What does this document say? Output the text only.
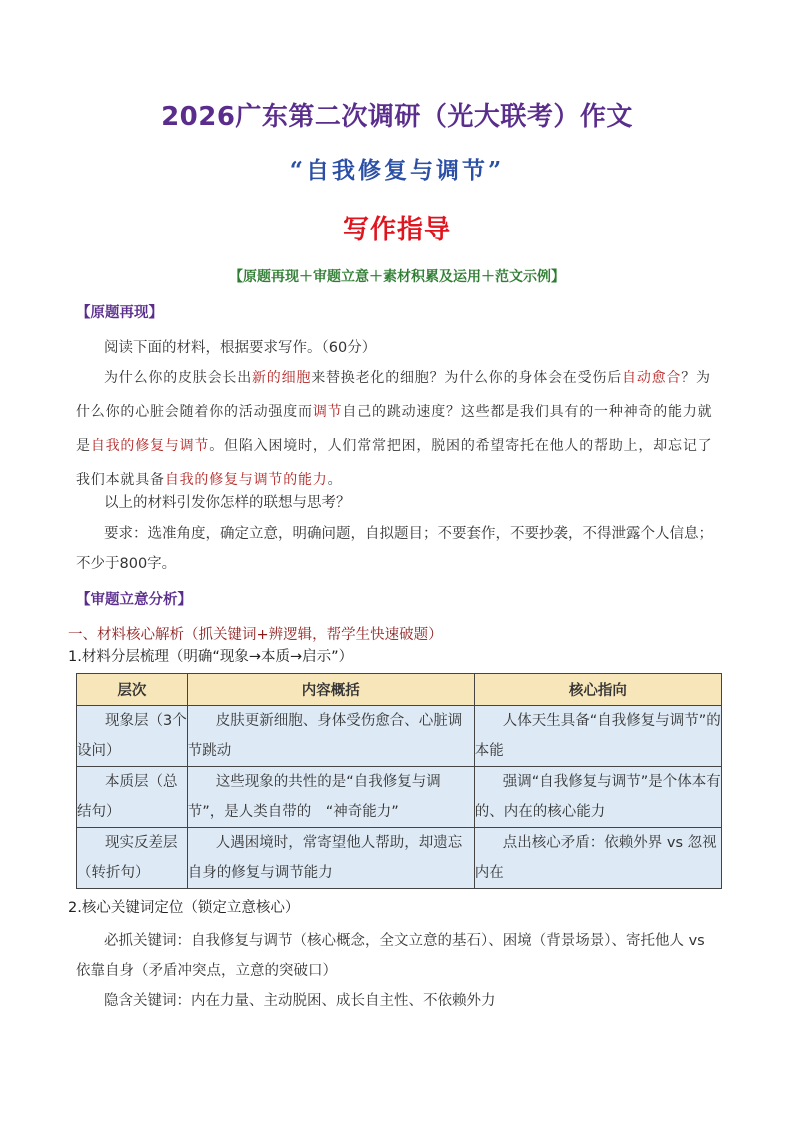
2026广东第二次调研（光大联考）作文
“自我修复与调节”
写作指导
【原题再现＋审题立意＋素材积累及运用＋范文示例】
【原题再现】
阅读下面的材料，根据要求写作。（60分）
为什么你的皮肤会长出新的细胞来替换老化的细胞？为什么你的身体会在受伤后自动愈合？为什么你的心脏会随着你的活动强度而调节自己的跳动速度？这些都是我们具有的一种神奇的能力就是自我的修复与调节。但陷入困境时，人们常常把困，脱困的希望寄托在他人的帮助上，却忘记了我们本就具备自我的修复与调节的能力。
以上的材料引发你怎样的联想与思考？
要求：选准角度，确定立意，明确问题，自拟题目；不要套作，不要抄袭，不得泄露个人信息；不少于800字。
【审题立意分析】
一、材料核心解析（抓关键词+辨逻辑，帮学生快速破题）
1.材料分层梳理（明确“现象→本质→启示”）
层次	内容概括	核心指向
现象层（3个设问）	皮肤更新细胞、身体受伤愈合、心脏调节跳动	人体天生具备“自我修复与调节”的本能
本质层（总结句）	这些现象的共性的是“自我修复与调节”，是人类自带的　“神奇能力”	强调“自我修复与调节”是个体本有的、内在的核心能力
现实反差层（转折句）	人遇困境时，常寄望他人帮助，却遗忘自身的修复与调节能力	点出核心矛盾：依赖外界 vs 忽视内在
2.核心关键词定位（锁定立意核心）
必抓关键词：自我修复与调节（核心概念，全文立意的基石）、困境（背景场景）、寄托他人 vs 依靠自身（矛盾冲突点，立意的突破口）
隐含关键词：内在力量、主动脱困、成长自主性、不依赖外力
